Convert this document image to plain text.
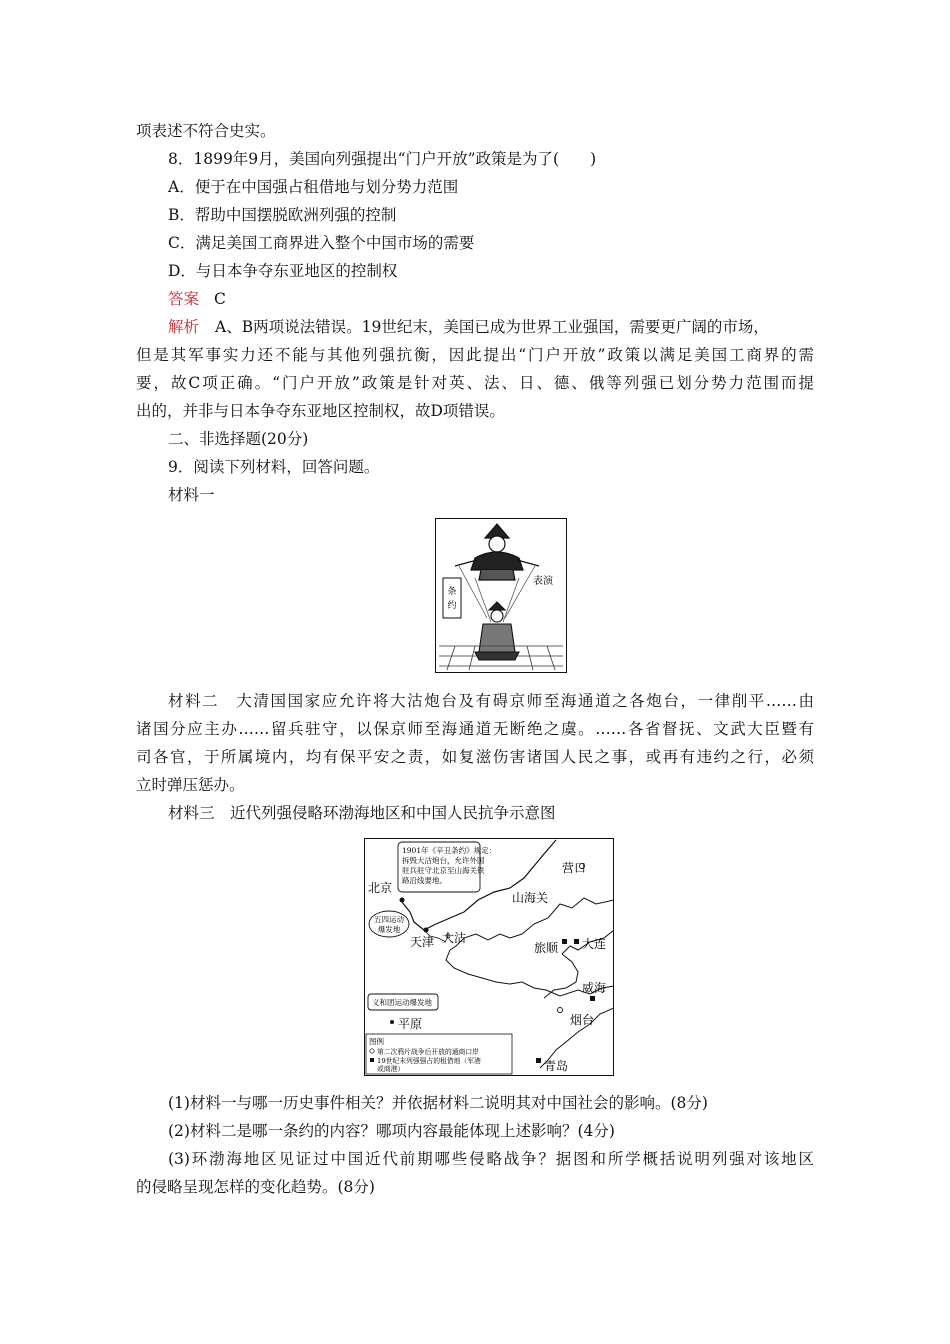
项表述不符合史实。
8．1899年9月，美国向列强提出“门户开放”政策是为了(　　)
A．便于在中国强占租借地与划分势力范围
B．帮助中国摆脱欧洲列强的控制
C．满足美国工商界进入整个中国市场的需要
D．与日本争夺东亚地区的控制权
答案 C
解析 A、B两项说法错误。19世纪末，美国已成为世界工业强国，需要更广阔的市场，
但是其军事实力还不能与其他列强抗衡，因此提出“门户开放”政策以满足美国工商界的需
要，故C项正确。“门户开放”政策是针对英、法、日、德、俄等列强已划分势力范围而提
出的，并非与日本争夺东亚地区控制权，故D项错误。
二、非选择题(20分)
9．阅读下列材料，回答问题。
材料一
条
约
表演
材料二　大清国国家应允许将大沽炮台及有碍京师至海通道之各炮台，一律削平……由
诸国分应主办……留兵驻守，以保京师至海通道无断绝之虞。……各省督抚、文武大臣暨有
司各官，于所属境内，均有保平安之责，如复滋伤害诸国人民之事，或再有违约之行，必须
立时弹压惩办。
材料三　近代列强侵略环渤海地区和中国人民抗争示意图
1901年《辛丑条约》规定：
拆毁大沽炮台，允许外国
驻兵驻守北京至山海关铁
路沿线要地。
五四运动
爆发地
义和团运动爆发地
北京
天津 大沽
山海关
营口
旅顺 大连
威海
烟台
青岛
平原
图例
第二次鸦片战争后开放的通商口岸
19世纪末列强强占的租借地（军港
或商港）
(1)材料一与哪一历史事件相关？并依据材料二说明其对中国社会的影响。(8分)
(2)材料二是哪一条约的内容？哪项内容最能体现上述影响？(4分)
(3)环渤海地区见证过中国近代前期哪些侵略战争？据图和所学概括说明列强对该地区
的侵略呈现怎样的变化趋势。(8分)
